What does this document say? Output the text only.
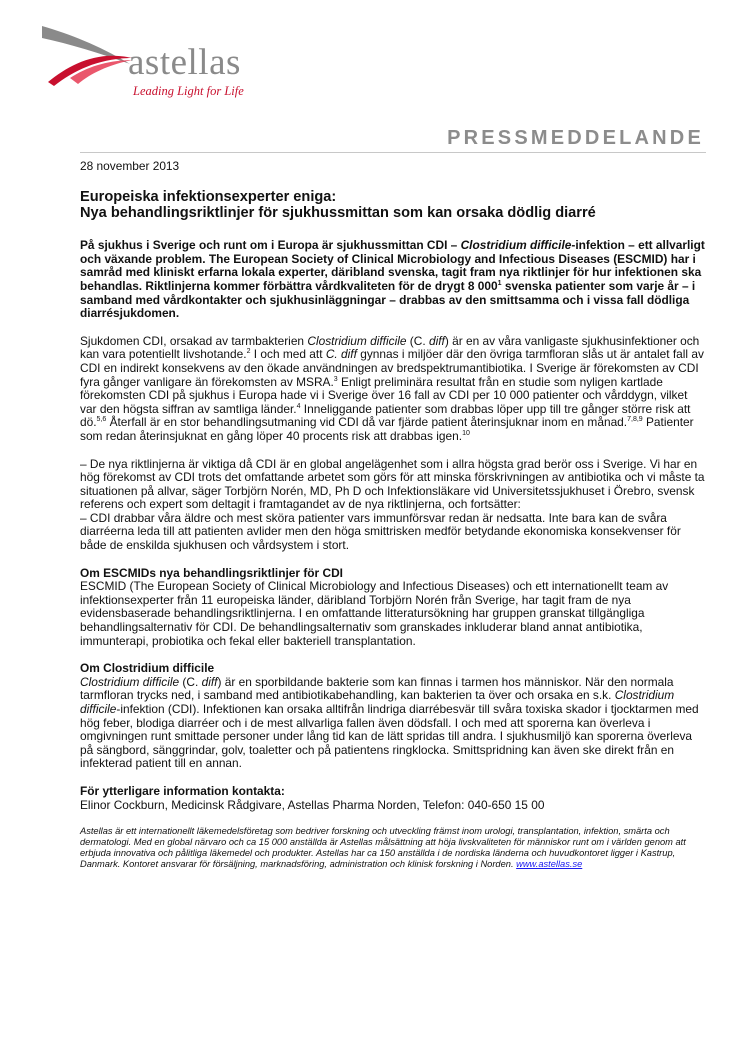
astellas
Leading Light for Life
PRESSMEDDELANDE
28 november 2013
Europeiska infektionsexperter eniga:
Nya behandlingsriktlinjer för sjukhussmittan som kan orsaka dödlig diarré
På sjukhus i Sverige och runt om i Europa är sjukhussmittan CDI – Clostridium difficile-infektion – ett allvarligt och växande problem. The European Society of Clinical Microbiology and Infectious Diseases (ESCMID) har i samråd med kliniskt erfarna lokala experter, däribland svenska, tagit fram nya riktlinjer för hur infektionen ska behandlas. Riktlinjerna kommer förbättra vårdkvaliteten för de drygt 8 $000^1$ svenska patienter som varje år – i samband med vårdkontakter och sjukhusinläggningar – drabbas av den smittsamma och i vissa fall dödliga diarrésjukdomen.

Sjukdomen CDI, orsakad av tarmbakterien Clostridium difficile (C. diff) är en av våra vanligaste sjukhusinfektioner och kan vara potentiellt livshotande.$^2$ I och med att C. diff gynnas i miljöer där den övriga tarmfloran slås ut är antalet fall av CDI en indirekt konsekvens av den ökade användningen av bredspektrumantibiotika. I Sverige är förekomsten av CDI fyra gånger vanligare än förekomsten av MSRA.$^3$ Enligt preliminära resultat från en studie som nyligen kartlade förekomsten CDI på sjukhus i Europa hade vi i Sverige över 16 fall av CDI per 10 000 patienter och vårddygn, vilket var den högsta siffran av samtliga länder.$^4$ Inneliggande patienter som drabbas löper upp till tre gånger större risk att dö.$^{5,6}$ Återfall är en stor behandlingsutmaning vid CDI då var fjärde patient återinsjuknar inom en månad.$^{7,8,9}$ Patienter som redan återinsjuknat en gång löper 40 procents risk att drabbas igen.$^{10}$

– De nya riktlinjerna är viktiga då CDI är en global angelägenhet som i allra högsta grad berör oss i Sverige. Vi har en hög förekomst av CDI trots det omfattande arbetet som görs för att minska förskrivningen av antibiotika och vi måste ta situationen på allvar, säger Torbjörn Norén, MD, Ph D och Infektionsläkare vid Universitetssjukhuset i Örebro, svensk referens och expert som deltagit i framtagandet av de nya riktlinjerna, och fortsätter:
– CDI drabbar våra äldre och mest sköra patienter vars immunförsvar redan är nedsatta. Inte bara kan de svåra diarréerna leda till att patienten avlider men den höga smittrisken medför betydande ekonomiska konsekvenser för både de enskilda sjukhusen och vårdsystem i stort.

Om ESCMIDs nya behandlingsriktlinjer för CDI

ESCMID (The European Society of Clinical Microbiology and Infectious Diseases) och ett internationellt team av infektionsexperter från 11 europeiska länder, däribland Torbjörn Norén från Sverige, har tagit fram de nya evidensbaserade behandlingsriktlinjerna. I en omfattande litteratursökning har gruppen granskat tillgängliga behandlingsalternativ för CDI. De behandlingsalternativ som granskades inkluderar bland annat antibiotika, immunterapi, probiotika och fekal eller bakteriell transplantation.

Om Clostridium difficile

Clostridium difficile (C. diff) är en sporbildande bakterie som kan finnas i tarmen hos människor. När den normala tarmfloran trycks ned, i samband med antibiotikabehandling, kan bakterien ta över och orsaka en s.k. Clostridium difficile-infektion (CDI). Infektionen kan orsaka alltifrån lindriga diarrébesvär till svåra toxiska skador i tjocktarmen med hög feber, blodiga diarréer och i de mest allvarliga fallen även dödsfall. I och med att sporerna kan överleva i omgivningen runt smittade personer under lång tid kan de lätt spridas till andra. I sjukhusmiljö kan sporerna överleva på sängbord, sänggrindar, golv, toaletter och på patientens ringklocka. Smittspridning kan även ske direkt från en infekterad patient till en annan.

För ytterligare information kontakta:
Elinor Cockburn, Medicinsk Rådgivare, Astellas Pharma Norden, Telefon: 040-650 15 00
Astellas är ett internationellt läkemedelsföretag som bedriver forskning och utveckling främst inom urologi, transplantation, infektion, smärta och dermatologi. Med en global närvaro och ca 15 000 anställda är Astellas målsättning att höja livskvaliteten för människor runt om i världen genom att erbjuda innovativa och pålitliga läkemedel och produkter. Astellas har ca 150 anställda i de nordiska länderna och huvudkontoret ligger i Kastrup, Danmark. Kontoret ansvarar för försäljning, marknadsföring, administration och klinisk forskning i Norden. www.astellas.se
